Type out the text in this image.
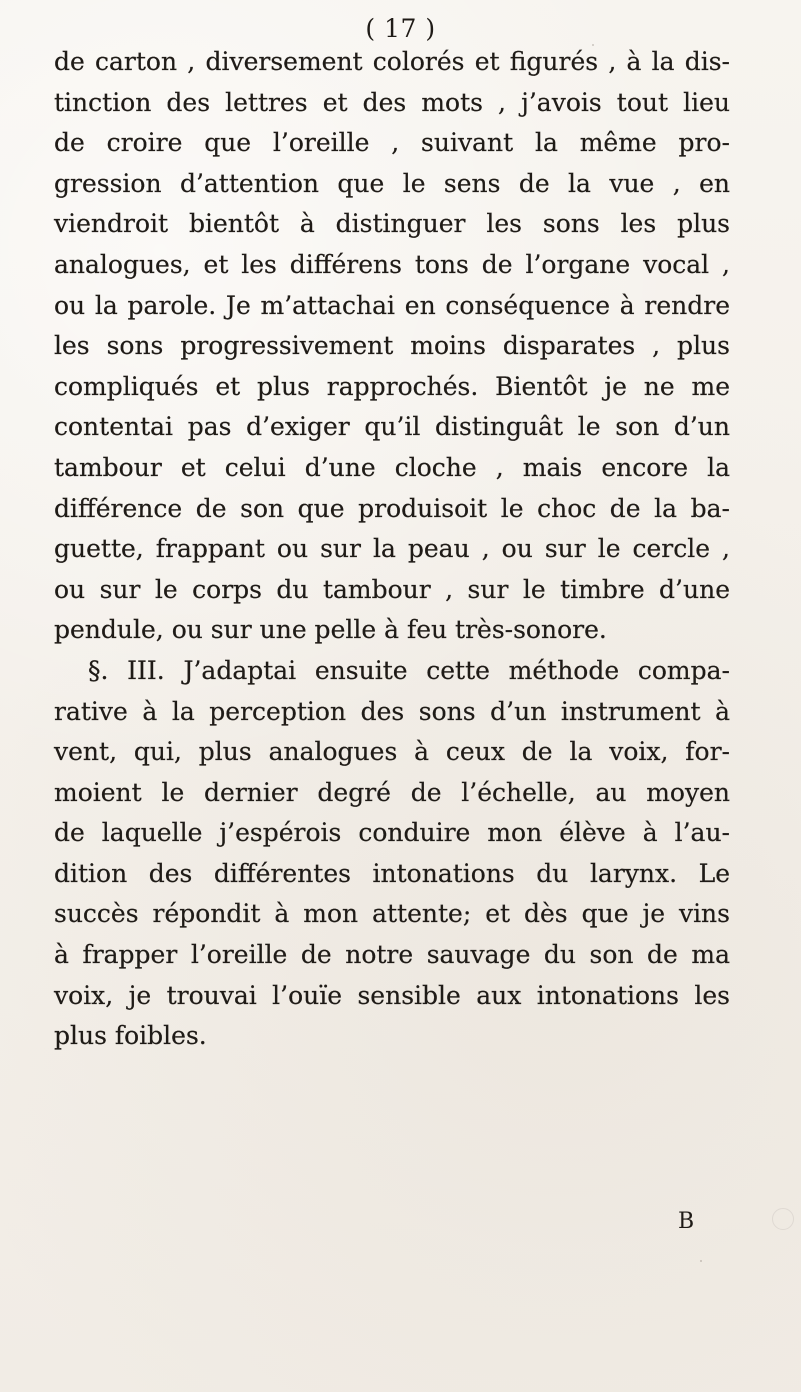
( 17 )
de carton , diversement colorés et figurés , à la dis-
tinction des lettres et des mots , j’avois tout lieu
de croire que l’oreille , suivant la même pro-
gression d’attention que le sens de la vue , en
viendroit bientôt à distinguer les sons les plus
analogues, et les différens tons de l’organe vocal ,
ou la parole. Je m’attachai en conséquence à rendre
les sons progressivement moins disparates , plus
compliqués et plus rapprochés. Bientôt je ne me
contentai pas d’exiger qu’il distinguât le son d’un
tambour et celui d’une cloche , mais encore la
différence de son que produisoit le choc de la ba-
guette, frappant ou sur la peau , ou sur le cercle ,
ou sur le corps du tambour , sur le timbre d’une
pendule, ou sur une pelle à feu très-sonore.
§. III. J’adaptai ensuite cette méthode compa-
rative à la perception des sons d’un instrument à
vent, qui, plus analogues à ceux de la voix, for-
moient le dernier degré de l’échelle, au moyen
de laquelle j’espérois conduire mon élève à l’au-
dition des différentes intonations du larynx. Le
succès répondit à mon attente; et dès que je vins
à frapper l’oreille de notre sauvage du son de ma
voix, je trouvai l’ouïe sensible aux intonations les
plus foibles.
B
